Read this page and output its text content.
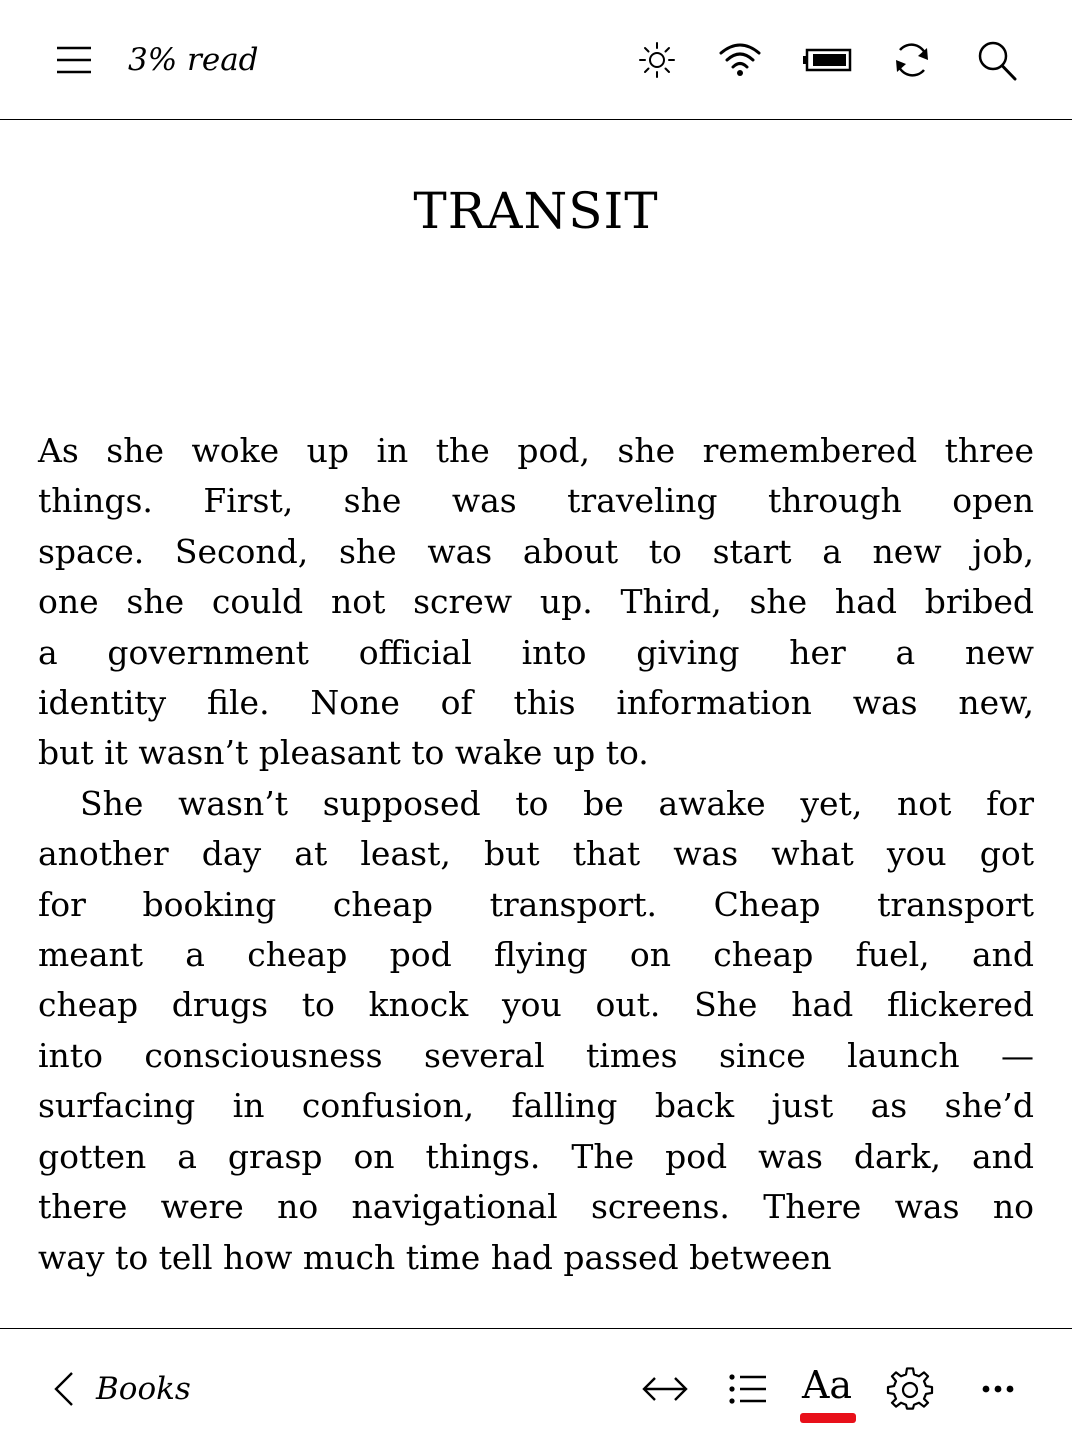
3% read
TRANSIT
As she woke up in the pod, she remembered three
things. First, she was traveling through open
space. Second, she was about to start a new job,
one she could not screw up. Third, she had bribed
a government official into giving her a new
identity file. None of this information was new,
but it wasn’t pleasant to wake up to.
She wasn’t supposed to be awake yet, not for
another day at least, but that was what you got
for booking cheap transport. Cheap transport
meant a cheap pod flying on cheap fuel, and
cheap drugs to knock you out. She had flickered
into consciousness several times since launch —
surfacing in confusion, falling back just as she’d
gotten a grasp on things. The pod was dark, and
there were no navigational screens. There was no
way to tell how much time had passed between
Books	Aa
